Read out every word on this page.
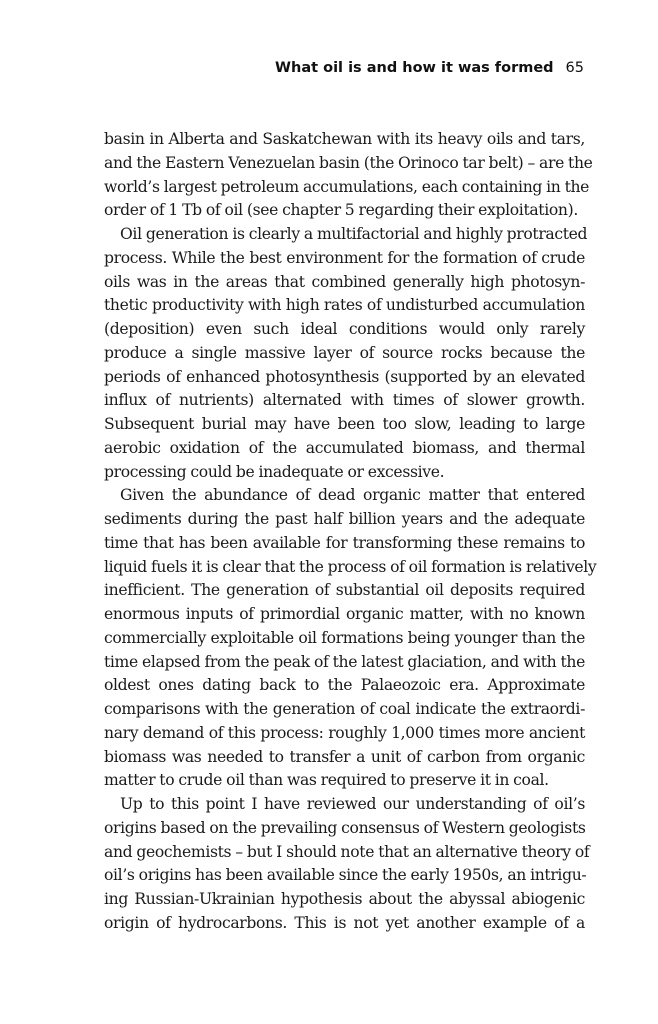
What oil is and how it was formed 65
basin in Alberta and Saskatchewan with its heavy oils and tars,
and the Eastern Venezuelan basin (the Orinoco tar belt) – are the
world’s largest petroleum accumulations, each containing in the
order of 1 Tb of oil (see chapter 5 regarding their exploitation).
Oil generation is clearly a multifactorial and highly protracted
process. While the best environment for the formation of crude
oils was in the areas that combined generally high photosyn-
thetic productivity with high rates of undisturbed accumulation
(deposition) even such ideal conditions would only rarely
produce a single massive layer of source rocks because the
periods of enhanced photosynthesis (supported by an elevated
influx of nutrients) alternated with times of slower growth.
Subsequent burial may have been too slow, leading to large
aerobic oxidation of the accumulated biomass, and thermal
processing could be inadequate or excessive.
Given the abundance of dead organic matter that entered
sediments during the past half billion years and the adequate
time that has been available for transforming these remains to
liquid fuels it is clear that the process of oil formation is relatively
inefficient. The generation of substantial oil deposits required
enormous inputs of primordial organic matter, with no known
commercially exploitable oil formations being younger than the
time elapsed from the peak of the latest glaciation, and with the
oldest ones dating back to the Palaeozoic era. Approximate
comparisons with the generation of coal indicate the extraordi-
nary demand of this process: roughly 1,000 times more ancient
biomass was needed to transfer a unit of carbon from organic
matter to crude oil than was required to preserve it in coal.
Up to this point I have reviewed our understanding of oil’s
origins based on the prevailing consensus of Western geologists
and geochemists – but I should note that an alternative theory of
oil’s origins has been available since the early 1950s, an intrigu-
ing Russian-Ukrainian hypothesis about the abyssal abiogenic
origin of hydrocarbons. This is not yet another example of a
